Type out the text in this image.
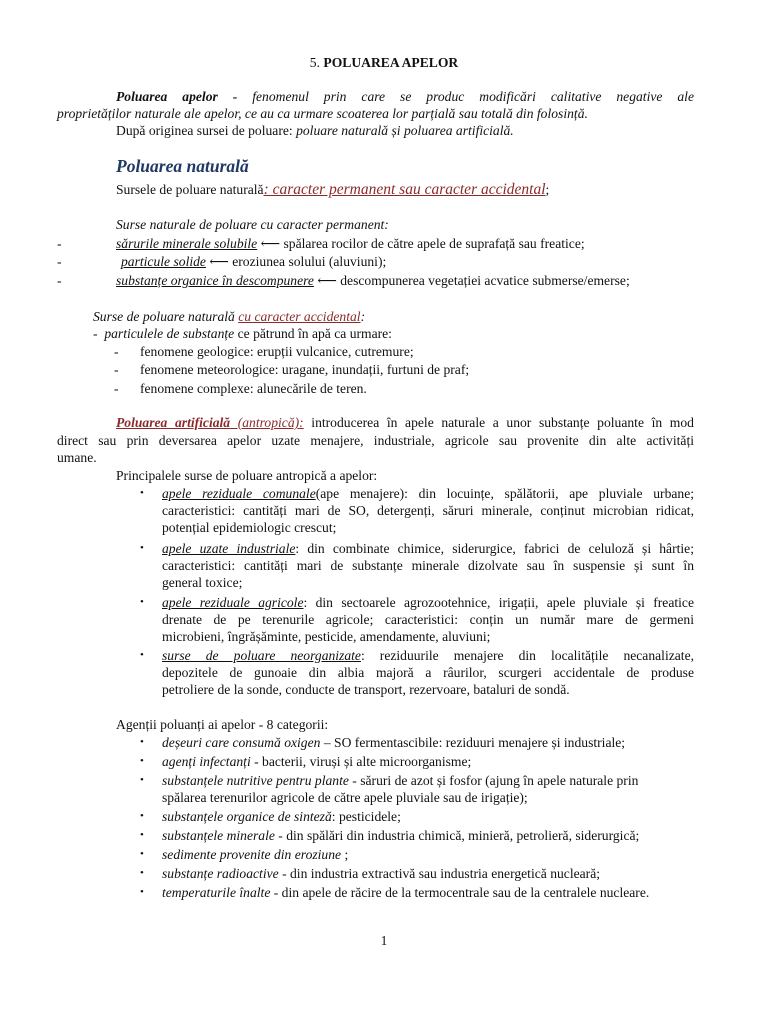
5. POLUAREA APELOR
Poluarea apelor - fenomenul prin care se produc modificări calitative negative ale
proprietăților naturale ale apelor, ce au ca urmare scoaterea lor parțială sau totală din folosință.
După originea sursei de poluare: poluare naturală și poluarea artificială.
Poluarea naturală
Sursele de poluare naturală: caracter permanent sau caracter accidental;
Surse naturale de poluare cu caracter permanent:
-	sărurile minerale solubile ⟵ spălarea rocilor de către apele de suprafață sau freatice;
-	particule solide ⟵ eroziunea solului (aluviuni);
-	substanțe organice în descompunere ⟵ descompunerea vegetației acvatice submerse/emerse;
Surse de poluare naturală cu caracter accidental:
- particulele de substanțe ce pătrund în apă ca urmare:
- fenomene geologice: erupții vulcanice, cutremure;
- fenomene meteorologice: uragane, inundații, furtuni de praf;
- fenomene complexe: alunecările de teren.
Poluarea artificială (antropică): introducerea în apele naturale a unor substanțe poluante în mod
direct sau prin deversarea apelor uzate menajere, industriale, agricole sau provenite din alte activități
umane.
Principalele surse de poluare antropică a apelor:
• apele reziduale comunale(ape menajere): din locuințe, spălătorii, ape pluviale urbane;
caracteristici: cantități mari de SO, detergenți, săruri minerale, conținut microbian ridicat,
potențial epidemiologic crescut;
• apele uzate industriale: din combinate chimice, siderurgice, fabrici de celuloză și hârtie;
caracteristici: cantități mari de substanțe minerale dizolvate sau în suspensie și sunt în
general toxice;
• apele reziduale agricole: din sectoarele agrozootehnice, irigații, apele pluviale și freatice
drenate de pe terenurile agricole; caracteristici: conțin un număr mare de germeni
microbieni, îngrășăminte, pesticide, amendamente, aluviuni;
• surse de poluare neorganizate: reziduurile menajere din localitățile necanalizate,
depozitele de gunoaie din albia majoră a râurilor, scurgeri accidentale de produse
petroliere de la sonde, conducte de transport, rezervoare, bataluri de sondă.
Agenții poluanți ai apelor - 8 categorii:
• deșeuri care consumă oxigen – SO fermentascibile: reziduuri menajere și industriale;
• agenți infectanți - bacterii, viruși și alte microorganisme;
• substanțele nutritive pentru plante - săruri de azot și fosfor (ajung în apele naturale prin
spălarea terenurilor agricole de către apele pluviale sau de irigație);
• substanțele organice de sinteză: pesticidele;
• substanțele minerale - din spălări din industria chimică, minieră, petrolieră, siderurgică;
• sedimente provenite din eroziune ;
• substanțe radioactive - din industria extractivă sau industria energetică nucleară;
• temperaturile înalte - din apele de răcire de la termocentrale sau de la centralele nucleare.
1
